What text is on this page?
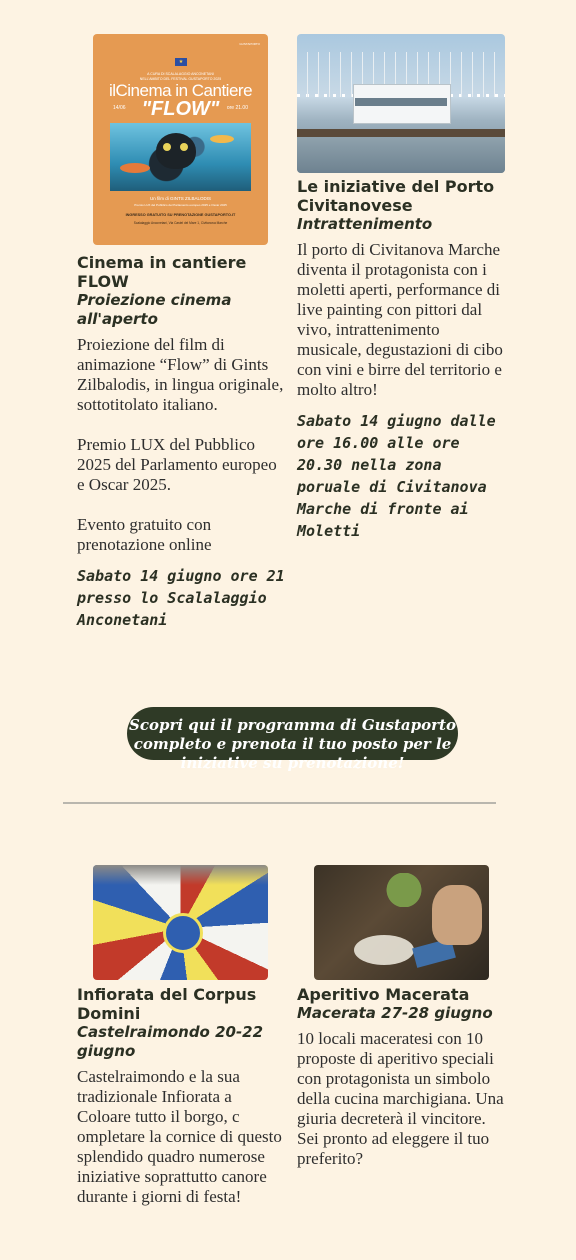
GUSTAPORTO
★
A CURA DI SCALALAGGIO ANCONETANI
NELL'AMBITO DEL FESTIVAL GUSTAPORTO 2025
ilCinema in Cantiere
14/06	ore 21.00
"FLOW"
Un film di GINTS ZILBALODIS
Premio LUX del Pubblico del Parlamento europeo 2025 e Oscar 2025
INGRESSO GRATUITO SU PRENOTAZIONE GUSTAPORTO.IT
Scalalaggio Anconetani, Via Castel del Mare 1, Civitanova Marche
Cinema in cantiere FLOW
Proiezione cinema all'aperto

Proiezione del film di animazione “Flow” di Gints Zilbalodis, in lingua originale, sottotitolato italiano.

Premio LUX del Pubblico 2025 del Parlamento europeo e Oscar 2025.

Evento gratuito con prenotazione online

Sabato 14 giugno ore 21 presso lo Scalalaggio Anconetani
Le iniziative del Porto Civitanovese
Intrattenimento

Il porto di Civitanova Marche diventa il protagonista con i moletti aperti, performance di live painting con pittori dal vivo, intrattenimento musicale, degustazioni di cibo con vini e birre del territorio e molto altro!

Sabato 14 giugno dalle ore 16.00 alle ore 20.30 nella zona poruale di Civitanova Marche di fronte ai Moletti
Scopri qui il programma di Gustaporto completo e prenota il tuo posto per le iniziative su prenotazione!
Infiorata del Corpus Domini
Castelraimondo 20-22 giugno

Castelraimondo e la sua tradizionale Infiorata a Coloare tutto il borgo, c ompletare la cornice di questo splendido quadro numerose iniziative soprattutto canore durante i giorni di festa!

Aperitivo Macerata
Macerata 27-28 giugno

10 locali maceratesi con 10 proposte di aperitivo speciali con protagonista un simbolo della cucina marchigiana. Una giuria decreterà il vincitore. Sei pronto ad eleggere il tuo preferito?
